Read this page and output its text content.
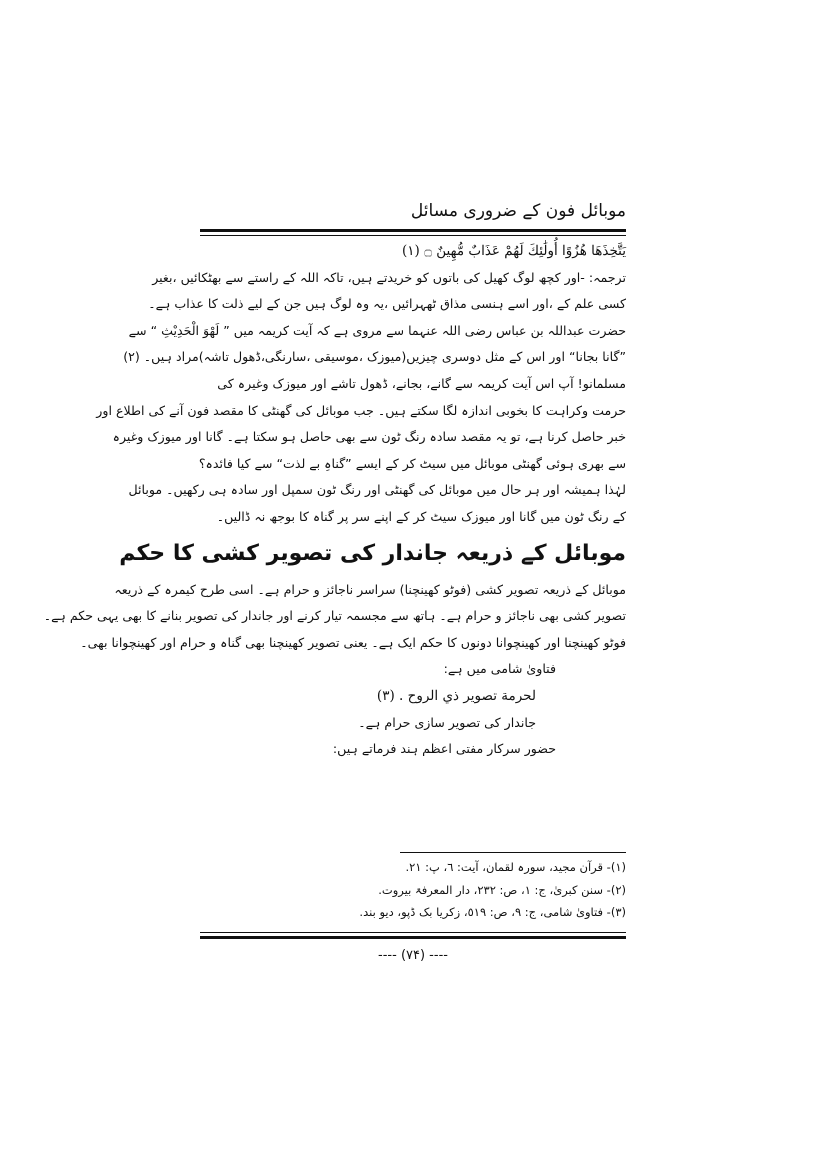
موبائل فون کے ضروری مسائل
يَتَّخِذَهَا هُزُوًا أُولَٰئِكَ لَهُمْ عَذَابٌ مُّهِينٌ ۝ (۱)
ترجمہ: -اور کچھ لوگ کھیل کی باتوں کو خریدتے ہیں، تاکہ اللہ کے راستے سے بھٹکائیں ،بغیر
کسی علم کے ،اور اسے ہنسی مذاق ٹھہرائیں ،یہ وہ لوگ ہیں جن کے لیے ذلت کا عذاب ہے۔
حضرت عبداللہ بن عباس رضی اللہ عنہما سے مروی ہے کہ آیت کریمہ میں ” لَهْوَ الْحَدِيْثِ “ سے
”گانا بجانا“ اور اس کے مثل دوسری چیزیں(میوزک ،موسیقی ،سارنگی،ڈھول تاشہ)مراد ہیں۔ (۲)
مسلمانو! آپ اس آیت کریمہ سے گانے، بجانے، ڈھول تاشے اور میوزک وغیرہ کی
حرمت وکراہت کا بخوبی اندازہ لگا سکتے ہیں۔ جب موبائل کی گھنٹی کا مقصد فون آنے کی اطلاع اور
خبر حاصل کرنا ہے، تو یہ مقصد سادہ رنگ ٹون سے بھی حاصل ہو سکتا ہے۔ گانا اور میوزک وغیرہ
سے بھری ہوئی گھنٹی موبائل میں سیٹ کر کے ایسے ”گناہِ بے لذت“ سے کیا فائدہ؟
لہٰذا ہمیشہ اور ہر حال میں موبائل کی گھنٹی اور رنگ ٹون سمپل اور سادہ ہی رکھیں۔ موبائل
کے رنگ ٹون میں گانا اور میوزک سیٹ کر کے اپنے سر پر گناہ کا بوجھ نہ ڈالیں۔
موبائل کے ذریعہ جاندار کی تصویر کشی کا حکم
موبائل کے ذریعہ تصویر کشی (فوٹو کھینچنا) سراسر ناجائز و حرام ہے۔ اسی طرح کیمرہ کے ذریعہ
تصویر کشی بھی ناجائز و حرام ہے۔ ہاتھ سے مجسمہ تیار کرنے اور جاندار کی تصویر بنانے کا بھی یہی حکم ہے۔
فوٹو کھینچنا اور کھینچوانا دونوں کا حکم ایک ہے۔ یعنی تصویر کھینچنا بھی گناہ و حرام اور کھینچوانا بھی۔
فتاویٰ شامی میں ہے:
لحرمة تصوير ذي الروح . (۳)
جاندار کی تصویر سازی حرام ہے۔
حضور سرکار مفتی اعظم ہند فرماتے ہیں:
(۱)- قرآن مجید، سورہ لقمان، آیت: ٦، پ: ٢١.
(۲)- سنن کبریٰ، ج: ١، ص: ٢٣٢، دار المعرفۃ بیروت.
(۳)- فتاویٰ شامی، ج: ٩، ص: ٥١٩، زکریا بک ڈپو، دیو بند.
---- (۷۴) ----
